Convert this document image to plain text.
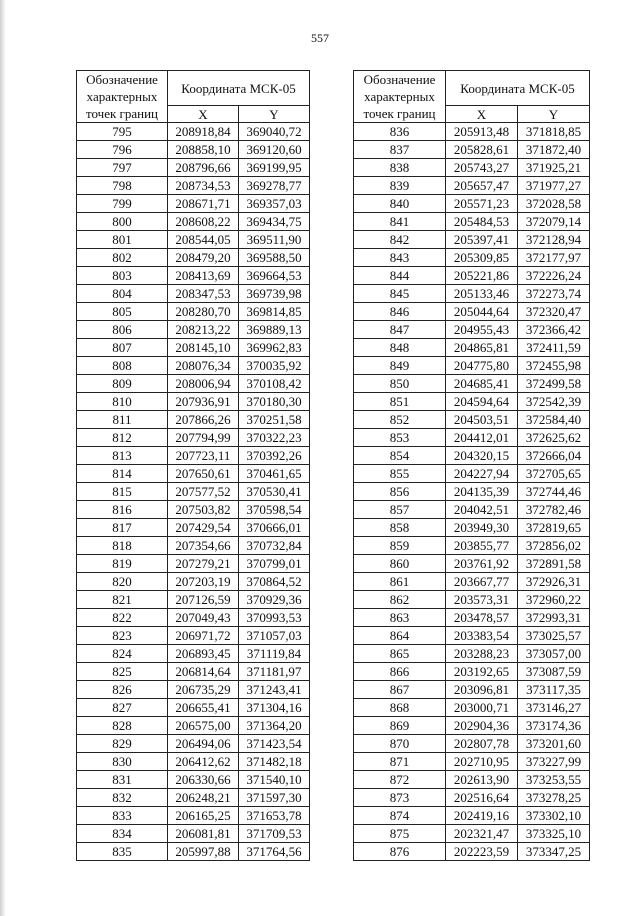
557
Обозначение характерных точек границ	Координата МСК-05	
	X	Y
795	208918,84	369040,72
796	208858,10	369120,60
797	208796,66	369199,95
798	208734,53	369278,77
799	208671,71	369357,03
800	208608,22	369434,75
801	208544,05	369511,90
802	208479,20	369588,50
803	208413,69	369664,53
804	208347,53	369739,98
805	208280,70	369814,85
806	208213,22	369889,13
807	208145,10	369962,83
808	208076,34	370035,92
809	208006,94	370108,42
810	207936,91	370180,30
811	207866,26	370251,58
812	207794,99	370322,23
813	207723,11	370392,26
814	207650,61	370461,65
815	207577,52	370530,41
816	207503,82	370598,54
817	207429,54	370666,01
818	207354,66	370732,84
819	207279,21	370799,01
820	207203,19	370864,52
821	207126,59	370929,36
822	207049,43	370993,53
823	206971,72	371057,03
824	206893,45	371119,84
825	206814,64	371181,97
826	206735,29	371243,41
827	206655,41	371304,16
828	206575,00	371364,20
829	206494,06	371423,54
830	206412,62	371482,18
831	206330,66	371540,10
832	206248,21	371597,30
833	206165,25	371653,78
834	206081,81	371709,53
835	205997,88	371764,56
Обозначение характерных точек границ	Координата МСК-05	
	X	Y
836	205913,48	371818,85
837	205828,61	371872,40
838	205743,27	371925,21
839	205657,47	371977,27
840	205571,23	372028,58
841	205484,53	372079,14
842	205397,41	372128,94
843	205309,85	372177,97
844	205221,86	372226,24
845	205133,46	372273,74
846	205044,64	372320,47
847	204955,43	372366,42
848	204865,81	372411,59
849	204775,80	372455,98
850	204685,41	372499,58
851	204594,64	372542,39
852	204503,51	372584,40
853	204412,01	372625,62
854	204320,15	372666,04
855	204227,94	372705,65
856	204135,39	372744,46
857	204042,51	372782,46
858	203949,30	372819,65
859	203855,77	372856,02
860	203761,92	372891,58
861	203667,77	372926,31
862	203573,31	372960,22
863	203478,57	372993,31
864	203383,54	373025,57
865	203288,23	373057,00
866	203192,65	373087,59
867	203096,81	373117,35
868	203000,71	373146,27
869	202904,36	373174,36
870	202807,78	373201,60
871	202710,95	373227,99
872	202613,90	373253,55
873	202516,64	373278,25
874	202419,16	373302,10
875	202321,47	373325,10
876	202223,59	373347,25
